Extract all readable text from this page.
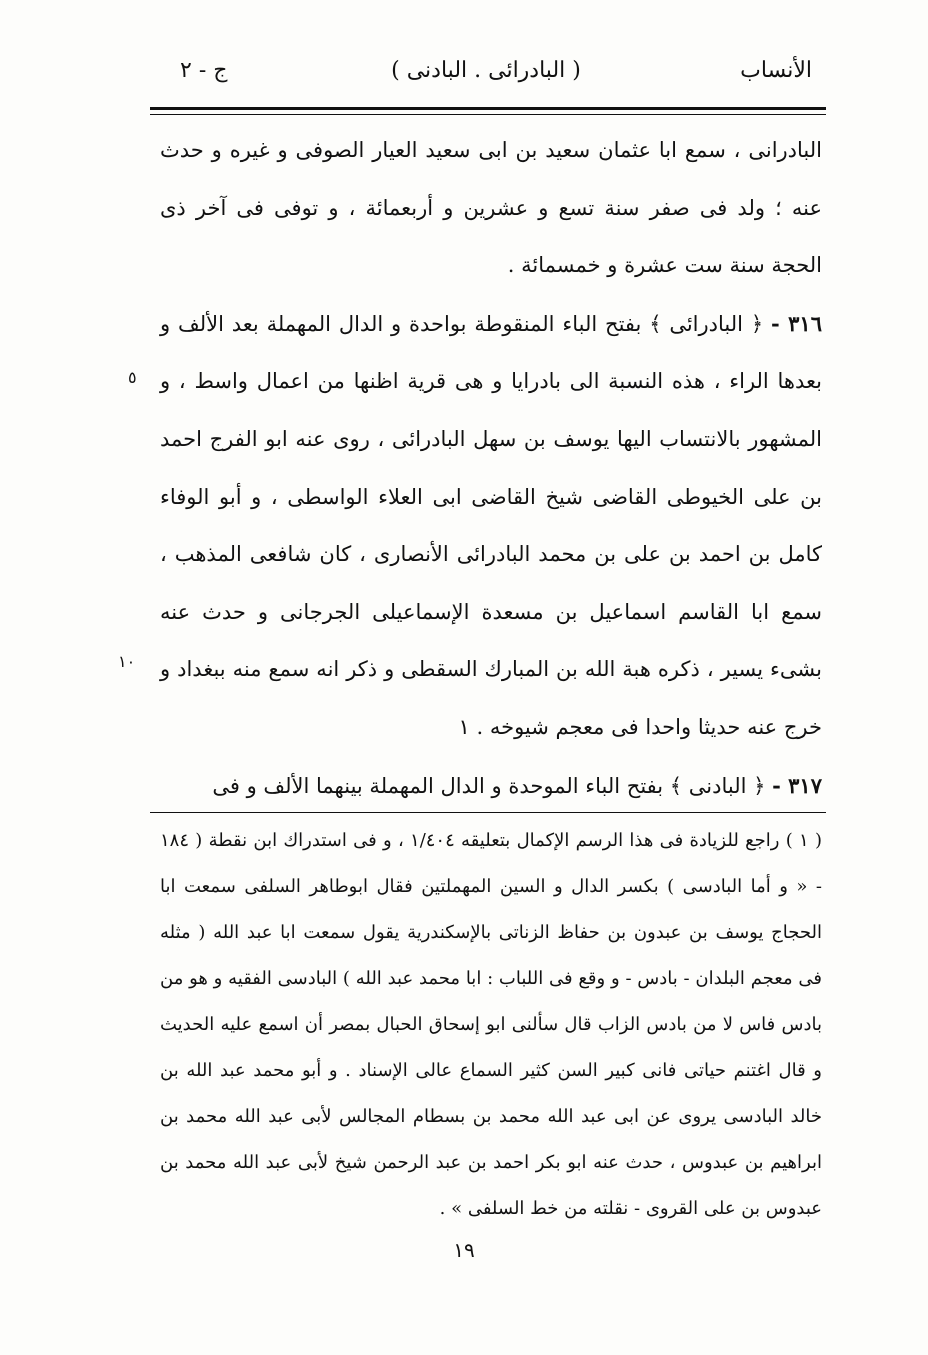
الأنساب
( البادرائى . البادنى )
ج - ٢

البادرانى ، سمع ابا عثمان سعيد بن ابى سعيد العيار الصوفى و غيره و حدث عنه ؛ ولد فى صفر سنة تسع و عشرين و أربعمائة ، و توفى فى آخر ذى الحجة سنة ست عشرة و خمسمائة .

٣١٦ - ﴿ البادرائى ﴾ بفتح الباء المنقوطة بواحدة و الدال المهملة بعد الألف و بعدها الراء ، هذه النسبة الى بادرايا و هى قرية اظنها من اعمال واسط ، و المشهور بالانتساب اليها يوسف بن سهل البادرائى ، روى عنه ابو الفرج احمد بن على الخيوطى القاضى شيخ القاضى ابى العلاء الواسطى ، و أبو الوفاء كامل بن احمد بن على بن محمد البادرائى الأنصارى ، كان شافعى المذهب ، سمع ابا القاسم اسماعيل بن مسعدة الإسماعيلى الجرجانى و حدث عنه بشىء يسير ، ذكره هبة الله بن المبارك السقطى و ذكر انه سمع منه ببغداد و خرج عنه حديثا واحدا فى معجم شيوخه . ١

٣١٧ - ﴿ البادنى ﴾ بفتح الباء الموحدة و الدال المهملة بينهما الألف و فى

٥
١٠

( ١ ) راجع للزيادة فى هذا الرسم الإكمال بتعليقه ١/٤٠٤ ، و فى استدراك ابن نقطة ( ١٨٤ - « و أما البادسى ) بكسر الدال و السين المهملتين فقال ابوطاهر السلفى سمعت ابا الحجاج يوسف بن عبدون بن حفاظ الزناتى بالإسكندرية يقول سمعت ابا عبد الله ( مثله فى معجم البلدان - بادس - و وقع فى اللباب : ابا محمد عبد الله ) البادسى الفقيه و هو من بادس فاس لا من بادس الزاب قال سألنى ابو إسحاق الحبال بمصر أن اسمع عليه الحديث و قال اغتنم حياتى فانى كبير السن كثير السماع عالى الإسناد . و أبو محمد عبد الله بن خالد البادسى يروى عن ابى عبد الله محمد بن بسطام المجالس لأبى عبد الله محمد بن ابراهيم بن عبدوس ، حدث عنه ابو بكر احمد بن عبد الرحمن شيخ لأبى عبد الله محمد بن عبدوس بن على القروى - نقلته من خط السلفى » .

١٩
